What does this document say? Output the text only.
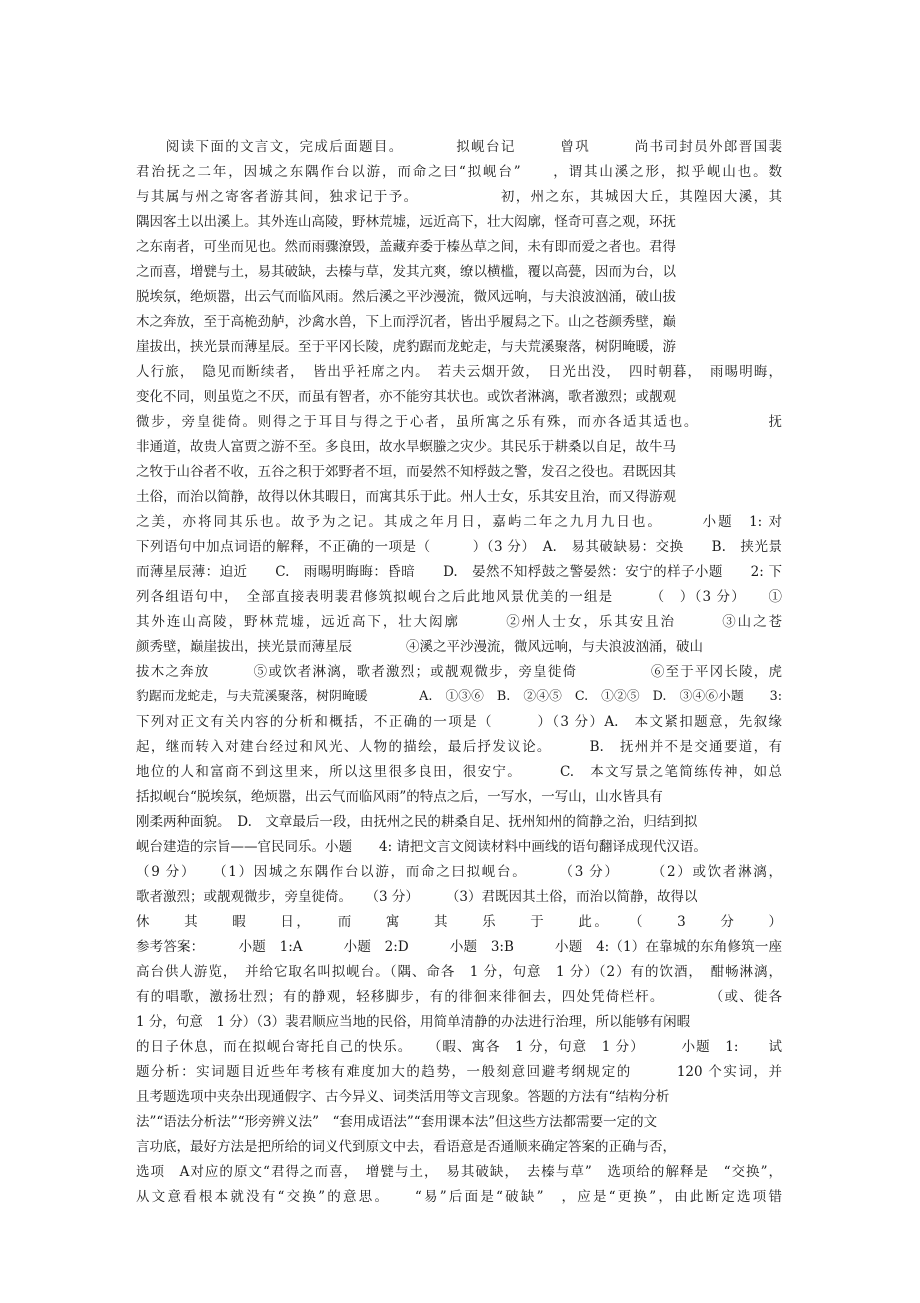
　　阅读下面的文言文，完成后面题目。　　　　拟岘台记　　　曾巩　　　尚书司封员外郎晋国裴
君治抚之二年，因城之东隅作台以游，而命之曰“拟岘台”　　，谓其山溪之形，拟乎岘山也。数
与其属与州之寄客者游其间，独求记于予。　　　　　　初，州之东，其城因大丘，其隍因大溪，其
隅因客土以出溪上。其外连山高陵，野林荒墟，远近高下，壮大闳廓，怪奇可喜之观，环抚
之东南者，可坐而见也。然而雨骤潦毁，盖藏弃委于榛丛草之间，未有即而爱之者也。君得
之而喜，增甓与土，易其破缺，去榛与草，发其亢爽，缭以横槛，覆以高甍，因而为台，以
脱埃氛，绝烦嚣，出云气而临风雨。然后溪之平沙漫流，微风远响，与夫浪波汹涌，破山拔
木之奔放，至于高桅劲舻，沙禽水兽，下上而浮沉者，皆出乎履舄之下。山之苍颜秀壁，巅
崖拔出，挟光景而薄星辰。至于平冈长陵，虎豹踞而龙蛇走，与夫荒溪聚落，树阴晻暖，游
人行旅，　隐见而断续者，　皆出乎衽席之内。　若夫云烟开敛，　日光出没，　四时朝暮，　雨晹明晦，
变化不同，则虽览之不厌，而虽有智者，亦不能穷其状也。或饮者淋漓，歌者激烈；或靓观
微步，旁皇徙倚。则得之于耳目与得之于心者，虽所寓之乐有殊，而亦各适其适也。　　　　　抚
非通道，故贵人富贾之游不至。多良田，故水旱螟螣之灾少。其民乐于耕桑以自足，故牛马
之牧于山谷者不收，五谷之积于郊野者不垣，而晏然不知桴鼓之警，发召之役也。君既因其
土俗，而治以简静，故得以休其暇日，而寓其乐于此。州人士女，乐其安且治，而又得游观
之美，亦将同其乐也。故予为之记。其成之年月日，嘉屿二年之九月九日也。　　　小题　1: 对
下列语句中加点词语的解释，不正确的一项是（　　　）（3 分）　A.　易其破缺易：交换　　B.　挟光景
而薄星辰薄：迫近　　C.　雨晹明晦晦：昏暗　　D.　晏然不知桴鼓之警晏然：安宁的样子小题　　2: 下
列各组语句中，　全部直接表明裴君修筑拟岘台之后此地风景优美的一组是　　　（　）（3 分）　　①
其外连山高陵，野林荒墟，远近高下，壮大闳廓　　　②州人士女，乐其安且治　　　③山之苍
颜秀壁，巅崖拔出，挟光景而薄星辰　　　　④溪之平沙漫流，微风远响，与夫浪波汹涌，破山
拔木之奔放　　　⑤或饮者淋漓，歌者激烈；或靓观微步，旁皇徙倚　　　　　⑥至于平冈长陵，虎
豹踞而龙蛇走，与夫荒溪聚落，树阴晻暖　　　　A.　①③⑥　B.　②④⑤　C.　①②⑤　D.　③④⑥小题　　3:
下列对正文有关内容的分析和概括，不正确的一项是（　　　）（3 分）A.　本文紧扣题意，先叙缘
起，继而转入对建台经过和风光、人物的描绘，最后抒发议论。　　　B.　抚州并不是交通要道，有
地位的人和富商不到这里来，所以这里很多良田，很安宁。　　　C.　本文写景之笔简练传神，如总
括拟岘台“脱埃氛，绝烦嚣，出云气而临风雨”的特点之后，一写水，一写山，山水皆具有
刚柔两种面貌。　D.　文章最后一段，由抚州之民的耕桑自足、抚州知州的简静之治，归结到拟
岘台建造的宗旨——官民同乐。小题　　4: 请把文言文阅读材料中画线的语句翻译成现代汉语。
（9 分）　　（1）因城之东隅作台以游，而命之曰拟岘台。　　　（3 分）　　　（2）或饮者淋漓，
歌者激烈；或靓观微步，旁皇徙倚。　　（3 分）　　　（3）君既因其土俗，而治以简静，故得以
休　　其　　暇　　日，　　而　　寓　　其　　乐　　于　　此。　　（　　3　　分　　）
参考答案：　　　小题　1:A　　　小题　2:D　　　小题　3:B　　　小题　4:（1）在靠城的东角修筑一座
高台供人游览，　并给它取名叫拟岘台。（隅、命各　1 分，句意　1 分）（2）有的饮酒，　酣畅淋漓，
有的唱歌，激扬壮烈；有的静观，轻移脚步，有的徘徊来徘徊去，四处凭倚栏杆。　　　　（或、徙各
1 分，句意　1 分）（3）裴君顺应当地的民俗，用简单清静的办法进行治理，所以能够有闲暇
的日子休息，而在拟岘台寄托自己的快乐。　　（暇、寓各　1 分，句意　1 分）　　　小题　1:　　试
题分析：实词题目近些年考核有难度加大的趋势，一般刻意回避考纲规定的　　　120 个实词，并
且考题选项中夹杂出现通假字、古今异义、词类活用等文言现象。答题的方法有“结构分析
法”“语法分析法”“形旁辨义法”　“套用成语法”“套用课本法”但这些方法都需要一定的文
言功底，最好方法是把所给的词义代到原文中去，看语意是否通顺来确定答案的正确与否，
选项　A对应的原文“君得之而喜，　增甓与土，　易其破缺，　去榛与草”　选项给的解释是　“交换”，
从文意看根本就没有“交换”的意思。　　“易”后面是“破缺”　，应是“更换”，由此断定选项错
